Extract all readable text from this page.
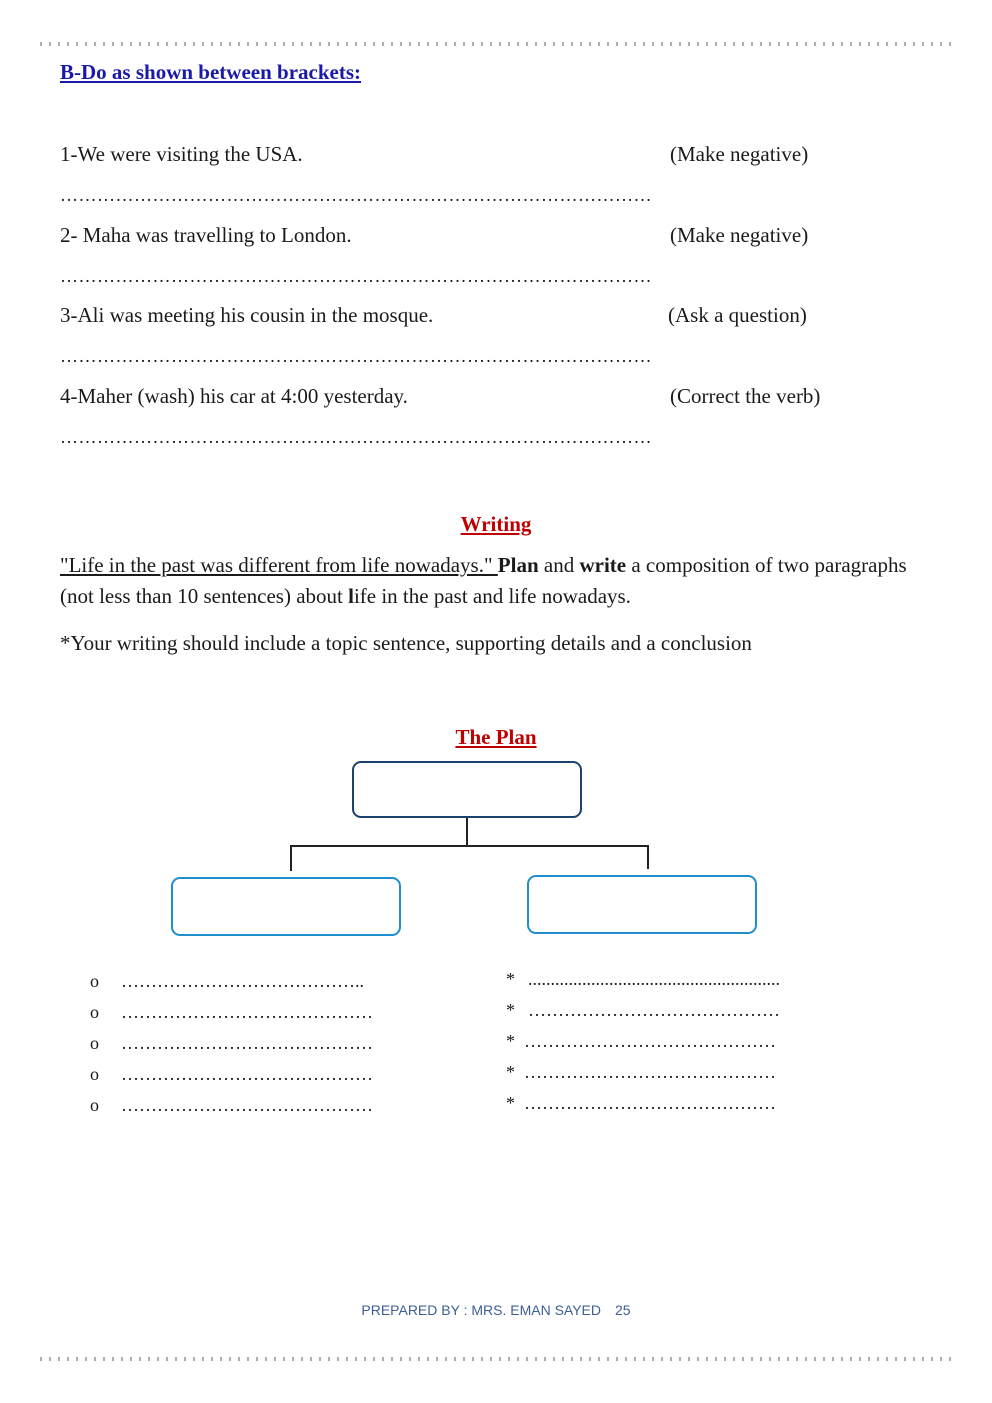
B-Do as shown between brackets:
1-We were visiting the USA.	(Make negative)
……………………………………………………………………………………
2- Maha was travelling to London.	(Make negative)
……………………………………………………………………………………
3-Ali was meeting his cousin in the mosque.	(Ask a question)
……………………………………………………………………………………
4-Maher (wash) his car at 4:00 yesterday.	(Correct the verb)
……………………………………………………………………………………
Writing
"Life in the past was different from life nowadays." Plan and write a composition of two paragraphs (not less than 10 sentences) about life in the past and life nowadays.
*Your writing should include a topic sentence, supporting details and a conclusion
The Plan
o …………………………………..
o ……………………………………
o ……………………………………
o ……………………………………
o ……………………………………
* ........................................................
* ……………………………………
* ……………………………………
* ……………………………………
* ……………………………………
PREPARED BY : MRS. EMAN SAYED 25
